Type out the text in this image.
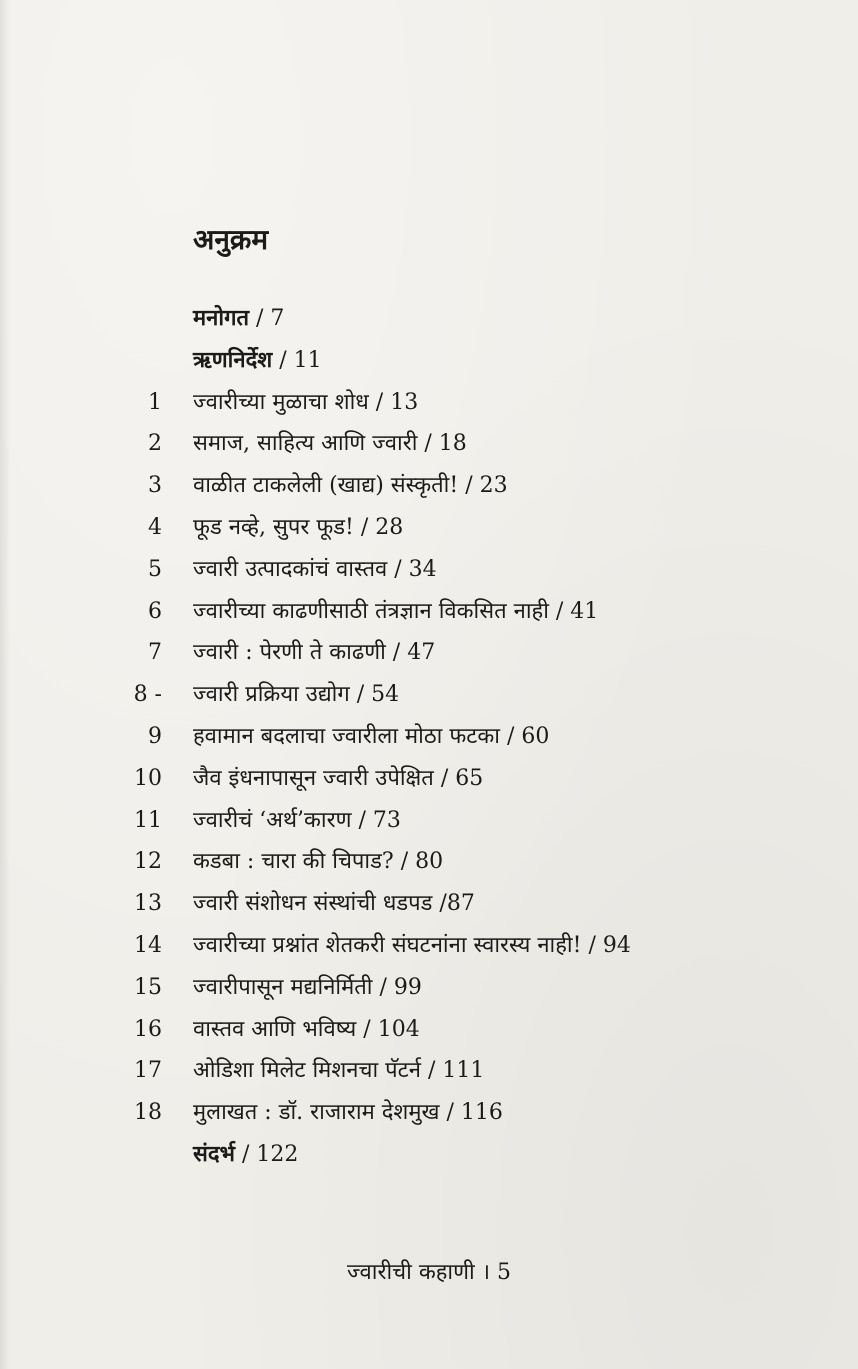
अनुक्रम
मनोगत / 7
ऋणनिर्देश / 11
1 ज्वारीच्या मुळाचा शोध / 13
2 समाज, साहित्य आणि ज्वारी / 18
3 वाळीत टाकलेली (खाद्य) संस्कृती! / 23
4 फूड नव्हे, सुपर फूड! / 28
5 ज्वारी उत्पादकांचं वास्तव / 34
6 ज्वारीच्या काढणीसाठी तंत्रज्ञान विकसित नाही / 41
7 ज्वारी : पेरणी ते काढणी / 47
8 - ज्वारी प्रक्रिया उद्योग / 54
9 हवामान बदलाचा ज्वारीला मोठा फटका / 60
10 जैव इंधनापासून ज्वारी उपेक्षित / 65
11 ज्वारीचं ‘अर्थ’कारण / 73
12 कडबा : चारा की चिपाड? / 80
13 ज्वारी संशोधन संस्थांची धडपड /87
14 ज्वारीच्या प्रश्नांत शेतकरी संघटनांना स्वारस्य नाही! / 94
15 ज्वारीपासून मद्यनिर्मिती / 99
16 वास्तव आणि भविष्य / 104
17 ओडिशा मिलेट मिशनचा पॅटर्न / 111
18 मुलाखत : डॉ. राजाराम देशमुख / 116
संदर्भ / 122
ज्वारीची कहाणी । 5
